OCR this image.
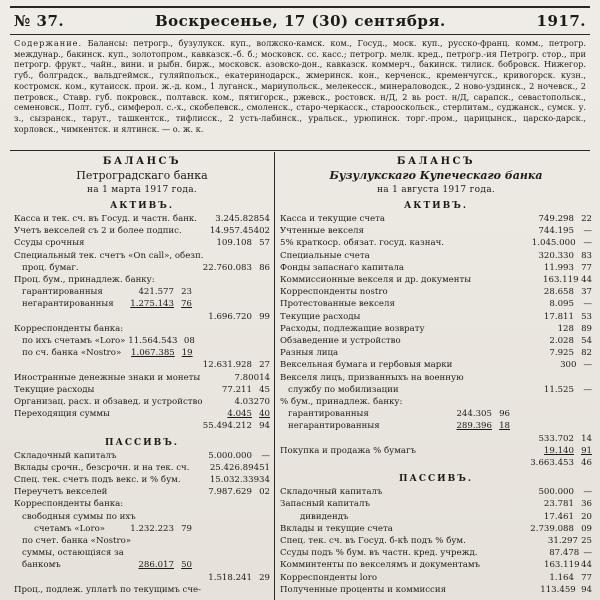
№ 37.	Воскресенье, 17 (30) сентября.	1917.
Содержание. Балансы: петрогр., бузулукск. куп., волжско-камск. ком., Госуд., моск. куп., русско-франц. комм., петрогр. междунар., бакинск. куп., золотопром., кавказск.–б. б.; московск. сс. касс.; петрогр. мелк. кред., петрогр.-ия Петрогр. стор., при петрогр. фрукт., чайн., вини. и рыбн. бирж., московск. азовско-дон., кавказск. коммерч., бакинск. тилиск. бобровск. Нижегор. губ., болградск., вальдгеймск., гуляйпольск., екатеринодарск., жмеринск. кон., керченск., кременчугск., кривогорск. кузн., костромск. ком., кутаисск. прои. ж.-д. ком., 1 луганск., мариупольск., мелекесск., минераловодск., 2 ново-уздинск., 2 ночевск., 2 петровск., Ставр. губ. покровск., полтавск. ком., пятигорск., ржевск., ростовск. н/Д, 2 вь рост. н/Д, сарапск., севастопольск., семеновск., Полт. губ., симферол. с.-х., скобелевск., смоленск., старо-черкасск., старооскольск., стерлитам., суджанск., сумск. у. з., сызранск., тарут., ташкентск., тифлисск., 2 усть-лабинск., уральск., урюпинск. торг.-пром., царицынск., царско-дарск., хорловск., чимкентск. и ялтинск. — о. ж. к.
БАЛАНСЪ
Петроградскаго банка
на 1 марта 1917 года.
АКТИВЪ.
Касса и тек. сч. въ Госуд. и частн. банк. 3.245.828 54
Учетъ векселей съ 2 и более подпис.	14.957.454 02
Ссуды срочныя	109.108 57
Специальный тек. счетъ «On call», обезп.
проц. бумаг.	22.760.083 86
Проц. бум., принадлеж. банку:
гарантированныя	421.577 23
негарантированныя	1.275.143 76
1.696.720 99
Корреспонденты банка:
по ихъ счетамъ «Loro» 11.564.543 08
по сч. банка «Nostro»	1.067.385 19
12.631.928 27
Иностранные денежные знаки и монеты	7.800 14
Текущие расходы	77.211 45
Организац. расх. и обзавед. и устройство	4.032 70
Переходящия суммы	4.045 40
55.494.212 94
ПАССИВЪ.
Складочный капиталъ	5.000.000	—
Вклады срочн., безсрочн. и на тек. сч. 25.426.894 51
Спец. тек. счетъ подъ векс. и % бум.	15.032.339 34
Переучетъ векселей	7.987.629 02
Корреспонденты банка:
свободныя суммы по ихъ
счетамъ «Loro»	1.232.223 79
по счет. банка «Nostro»
суммы, остающiяся за
банкомъ	286.017 50
1.518.241 29
Проц., подлеж. уплатѣ по текущимъ сче-
БАЛАНСЪ
Бузулукскаго Купеческаго банка
на 1 августа 1917 года.
АКТИВЪ.
Касса и текущие счета	749.298 22
Учтенные векселя	744.195	—
5% краткоср. обязат. госуд. казнач.	1.045.000 —
Специальные счета	320.330 83
Фонды запаснаго капитала	11.993 77
Коммиссионные векселя и др. документы	163.119 44
Корреспонденты nostro	28.658 37
Протестованные векселя	8.095	—
Текущие расходы	17.811 53
Расходы, подлежащие возврату	128 89
Обзаведение и устройство	2.028 54
Разныя лица	7.925 82
Вексельная бумага и гербовыя марки	300 —
Векселя лицъ, призванныхъ на военную
службу по мобилизации	11.525	—
% бум., принадлеж. банку:
гарантированныя	244.305 96
негарантированныя	289.396 18
533.702 14
Покупка и продажа % бумагъ	19.140 91
3.663.453 46
ПАССИВЪ.
Складочный капиталъ	500.000	—
Запасный капиталъ	23.781 36
дивидендъ	17.461 20
Вклады и текущие счета	2.739.088 09
Спец. тек. сч. въ Госуд. б-кѣ подъ % бум.	31.297 25
Ссуды подъ % бум. въ частн. кред. учрежд.	87.478 —
Комминтенты по векселямъ и документамъ	163.119 44
Корреспонденты loro	1.164 77
Полученные проценты и коммиссия	113.459 94
